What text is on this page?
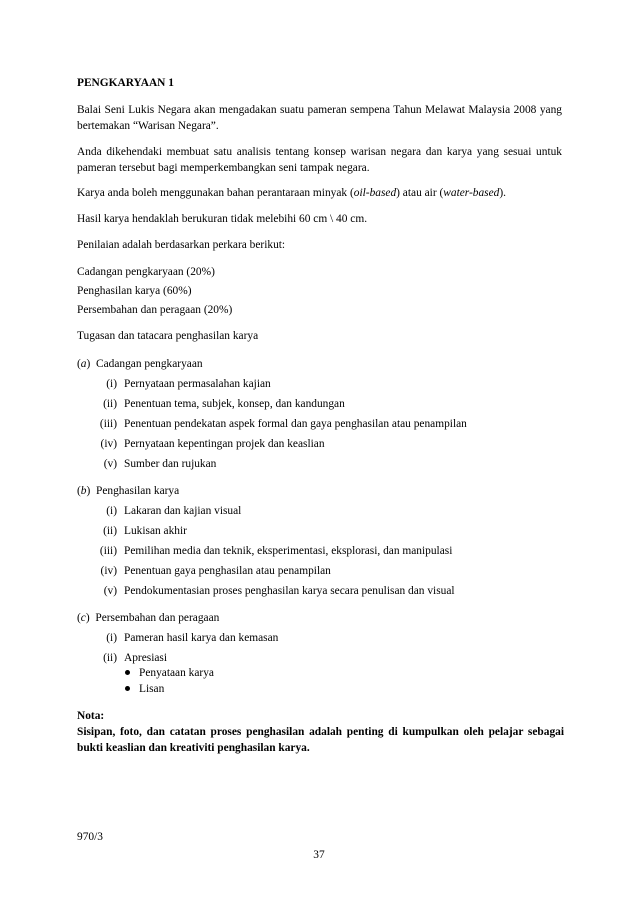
PENGKARYAAN 1

Balai Seni Lukis Negara akan mengadakan suatu pameran sempena Tahun Melawat Malaysia 2008 yang bertemakan “Warisan Negara”.

Anda dikehendaki membuat satu analisis tentang konsep warisan negara dan karya yang sesuai untuk pameran tersebut bagi memperkembangkan seni tampak negara.

Karya anda boleh menggunakan bahan perantaraan minyak (oil-based) atau air (water-based).

Hasil karya hendaklah berukuran tidak melebihi 60 cm \ 40 cm.

Penilaian adalah berdasarkan perkara berikut:

Cadangan pengkaryaan (20%)

Penghasilan karya (60%)

Persembahan dan peragaan (20%)

Tugasan dan tatacara penghasilan karya

(a)  Cadangan pengkaryaan

(i) Pernyataan permasalahan kajian
(ii) Penentuan tema, subjek, konsep, dan kandungan
(iii) Penentuan pendekatan aspek formal dan gaya penghasilan atau penampilan
(iv) Pernyataan kepentingan projek dan keaslian
(v) Sumber dan rujukan

(b)  Penghasilan karya

(i) Lakaran dan kajian visual
(ii) Lukisan akhir
(iii) Pemilihan media dan teknik, eksperimentasi, eksplorasi, dan manipulasi
(iv) Penentuan gaya penghasilan atau penampilan
(v) Pendokumentasian proses penghasilan karya secara penulisan dan visual

(c)  Persembahan dan peragaan

(i) Pameran hasil karya dan kemasan
(ii) Apresiasi
Penyataan karya
Lisan

Nota:

Sisipan, foto, dan catatan proses penghasilan adalah penting di kumpulkan oleh pelajar sebagai bukti keaslian dan kreativiti penghasilan karya.

970/3
37
